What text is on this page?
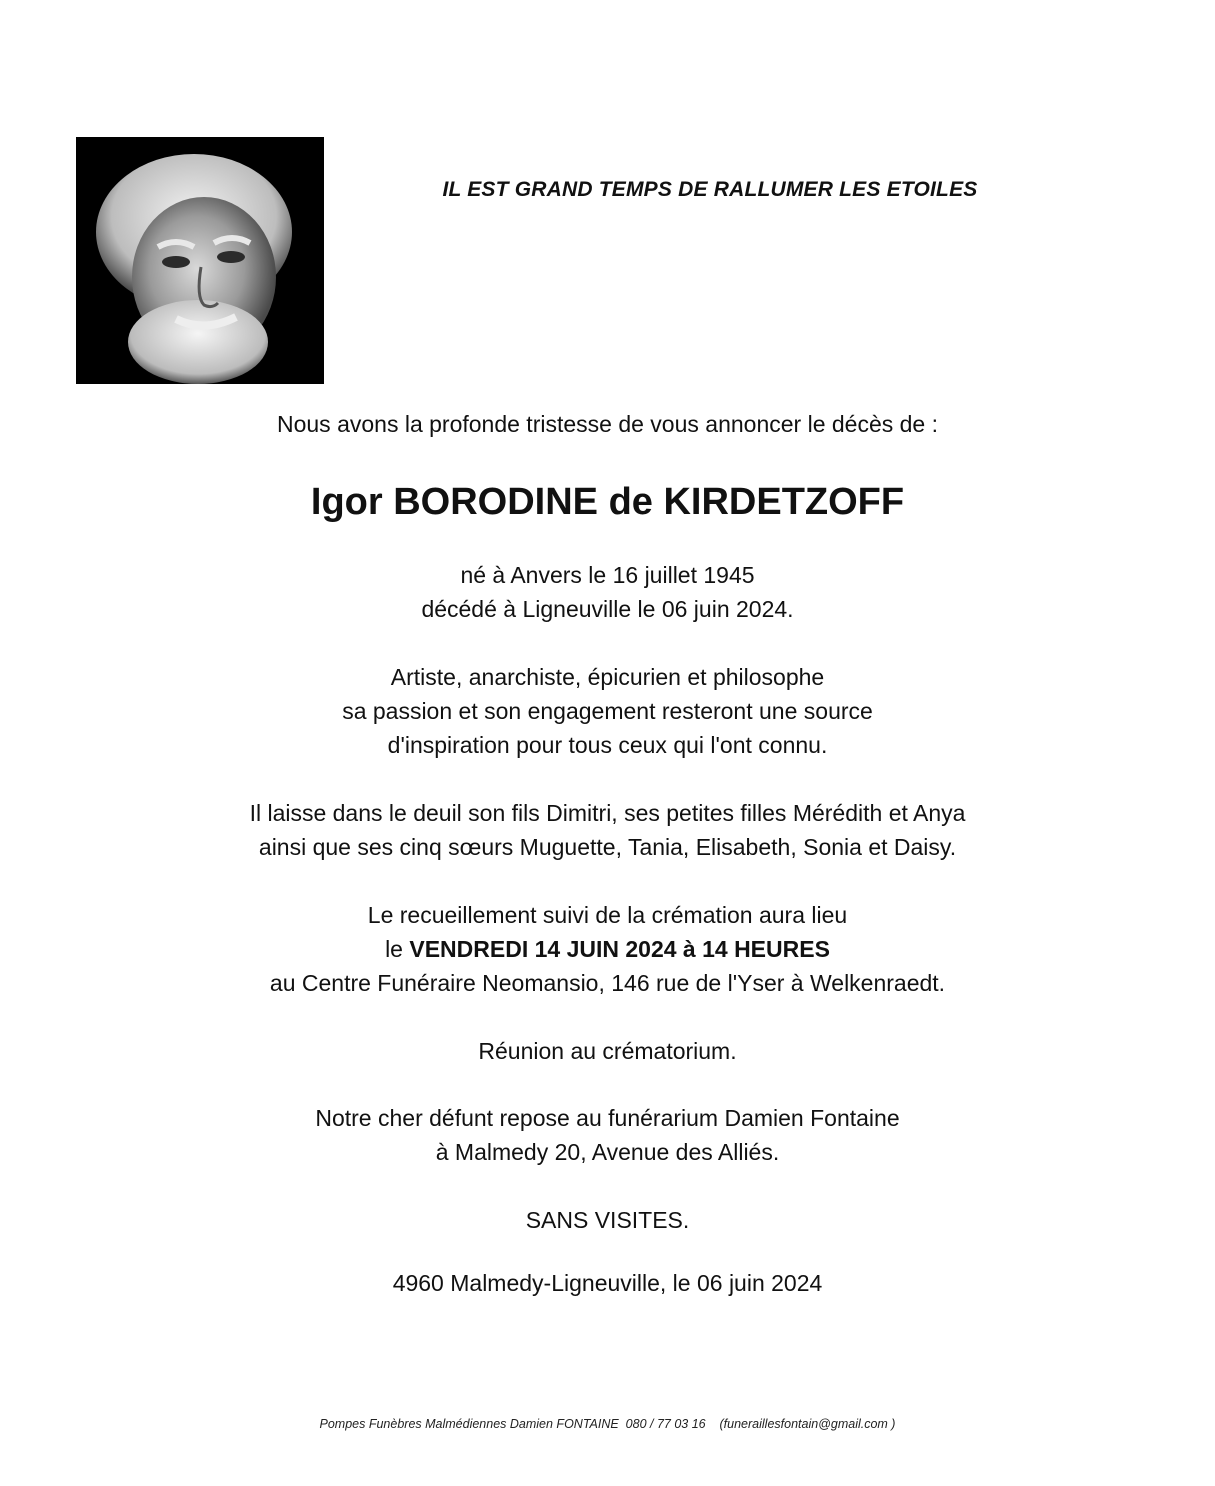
IL EST GRAND TEMPS DE RALLUMER LES ETOILES
Nous avons la profonde tristesse de vous annoncer le décès de :
Igor BORODINE de KIRDETZOFF

né à Anvers le 16 juillet 1945

décédé à Ligneuville le 06 juin 2024.

Artiste, anarchiste, épicurien et philosophe

sa passion et son engagement resteront une source

d'inspiration pour tous ceux qui l'ont connu.

Il laisse dans le deuil son fils Dimitri, ses petites filles Mérédith et Anya

ainsi que ses cinq sœurs Muguette, Tania, Elisabeth, Sonia et Daisy.

Le recueillement suivi de la crémation aura lieu

le VENDREDI 14 JUIN 2024 à 14 HEURES

au Centre Funéraire Neomansio, 146 rue de l'Yser à Welkenraedt.

Réunion au crématorium.

Notre cher défunt repose au funérarium Damien Fontaine

à Malmedy 20, Avenue des Alliés.

SANS VISITES.
4960 Malmedy-Ligneuville, le 06 juin 2024
Pompes Funèbres Malmédiennes Damien FONTAINE 080 / 77 03 16 (funeraillesfontain@gmail.com )
